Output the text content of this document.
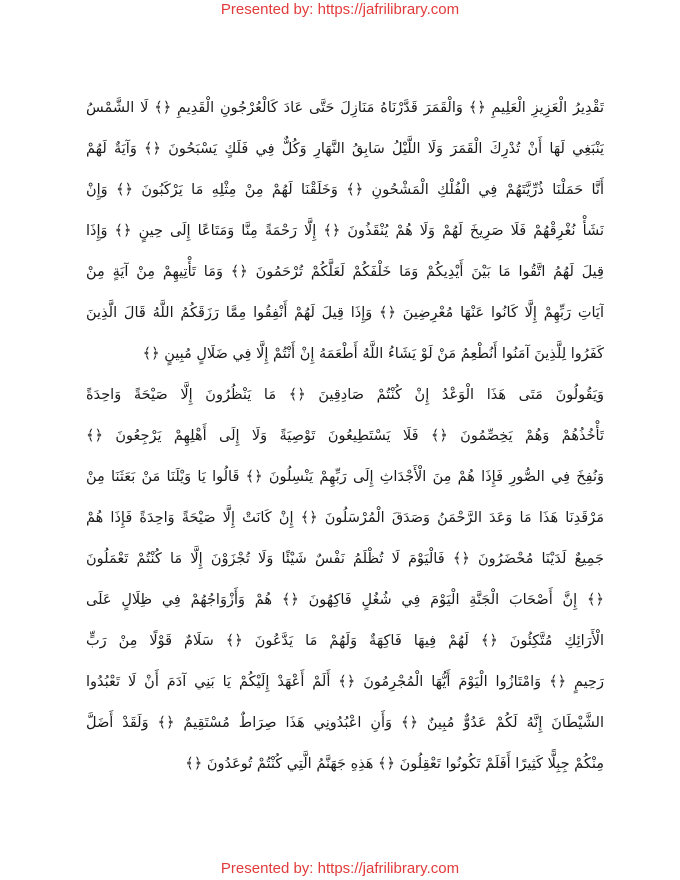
Presented by: https://jafrilibrary.com
تَقْدِيرُ الْعَزِيزِ الْعَلِيمِ ﴿﴾ وَالْقَمَرَ قَدَّرْنَاهُ مَنَازِلَ حَتَّى عَادَ كَالْعُرْجُونِ الْقَدِيمِ ﴿﴾ لَا الشَّمْسُ
يَنْبَغِي لَهَا أَنْ تُدْرِكَ الْقَمَرَ وَلَا اللَّيْلُ سَابِقُ النَّهَارِ وَكُلٌّ فِي فَلَكٍ يَسْبَحُونَ ﴿﴾ وَآيَةٌ لَهُمْ
أَنَّا حَمَلْنَا ذُرِّيَّتَهُمْ فِي الْفُلْكِ الْمَشْحُونِ ﴿﴾ وَخَلَقْنَا لَهُمْ مِنْ مِثْلِهِ مَا يَرْكَبُونَ ﴿﴾ وَإِنْ
نَشَأْ نُغْرِقْهُمْ فَلَا صَرِيخَ لَهُمْ وَلَا هُمْ يُنْقَذُونَ ﴿﴾ إِلَّا رَحْمَةً مِنَّا وَمَتَاعًا إِلَى حِينٍ ﴿﴾ وَإِذَا
قِيلَ لَهُمُ اتَّقُوا مَا بَيْنَ أَيْدِيكُمْ وَمَا خَلْفَكُمْ لَعَلَّكُمْ تُرْحَمُونَ ﴿﴾ وَمَا تَأْتِيهِمْ مِنْ آيَةٍ مِنْ
آيَاتِ رَبِّهِمْ إِلَّا كَانُوا عَنْهَا مُعْرِضِينَ ﴿﴾ وَإِذَا قِيلَ لَهُمْ أَنْفِقُوا مِمَّا رَزَقَكُمُ اللَّهُ قَالَ الَّذِينَ
كَفَرُوا لِلَّذِينَ آمَنُوا أَنُطْعِمُ مَنْ لَوْ يَشَاءُ اللَّهُ أَطْعَمَهُ إِنْ أَنْتُمْ إِلَّا فِي ضَلَالٍ مُبِينٍ ﴿﴾
وَيَقُولُونَ مَتَى هَذَا الْوَعْدُ إِنْ كُنْتُمْ صَادِقِينَ ﴿﴾ مَا يَنْظُرُونَ إِلَّا صَيْحَةً وَاحِدَةً
تَأْخُذُهُمْ وَهُمْ يَخِصِّمُونَ ﴿﴾ فَلَا يَسْتَطِيعُونَ تَوْصِيَةً وَلَا إِلَى أَهْلِهِمْ يَرْجِعُونَ ﴿﴾
وَنُفِخَ فِي الصُّورِ فَإِذَا هُمْ مِنَ الْأَجْدَاثِ إِلَى رَبِّهِمْ يَنْسِلُونَ ﴿﴾ قَالُوا يَا وَيْلَنَا مَنْ بَعَثَنَا مِنْ
مَرْقَدِنَا هَذَا مَا وَعَدَ الرَّحْمَنُ وَصَدَقَ الْمُرْسَلُونَ ﴿﴾ إِنْ كَانَتْ إِلَّا صَيْحَةً وَاحِدَةً فَإِذَا هُمْ
جَمِيعٌ لَدَيْنَا مُحْضَرُونَ ﴿﴾ فَالْيَوْمَ لَا تُظْلَمُ نَفْسٌ شَيْئًا وَلَا تُجْزَوْنَ إِلَّا مَا كُنْتُمْ تَعْمَلُونَ
﴿﴾ إِنَّ أَصْحَابَ الْجَنَّةِ الْيَوْمَ فِي شُغُلٍ فَاكِهُونَ ﴿﴾ هُمْ وَأَزْوَاجُهُمْ فِي ظِلَالٍ عَلَى
الْأَرَائِكِ مُتَّكِئُونَ ﴿﴾ لَهُمْ فِيهَا فَاكِهَةٌ وَلَهُمْ مَا يَدَّعُونَ ﴿﴾ سَلَامٌ قَوْلًا مِنْ رَبٍّ
رَحِيمٍ ﴿﴾ وَامْتَازُوا الْيَوْمَ أَيُّهَا الْمُجْرِمُونَ ﴿﴾ أَلَمْ أَعْهَدْ إِلَيْكُمْ يَا بَنِي آدَمَ أَنْ لَا تَعْبُدُوا
الشَّيْطَانَ إِنَّهُ لَكُمْ عَدُوٌّ مُبِينٌ ﴿﴾ وَأَنِ اعْبُدُونِي هَذَا صِرَاطٌ مُسْتَقِيمٌ ﴿﴾ وَلَقَدْ أَضَلَّ
مِنْكُمْ جِبِلًّا كَثِيرًا أَفَلَمْ تَكُونُوا تَعْقِلُونَ ﴿﴾ هَذِهِ جَهَنَّمُ الَّتِي كُنْتُمْ تُوعَدُونَ ﴿﴾
Presented by: https://jafrilibrary.com
